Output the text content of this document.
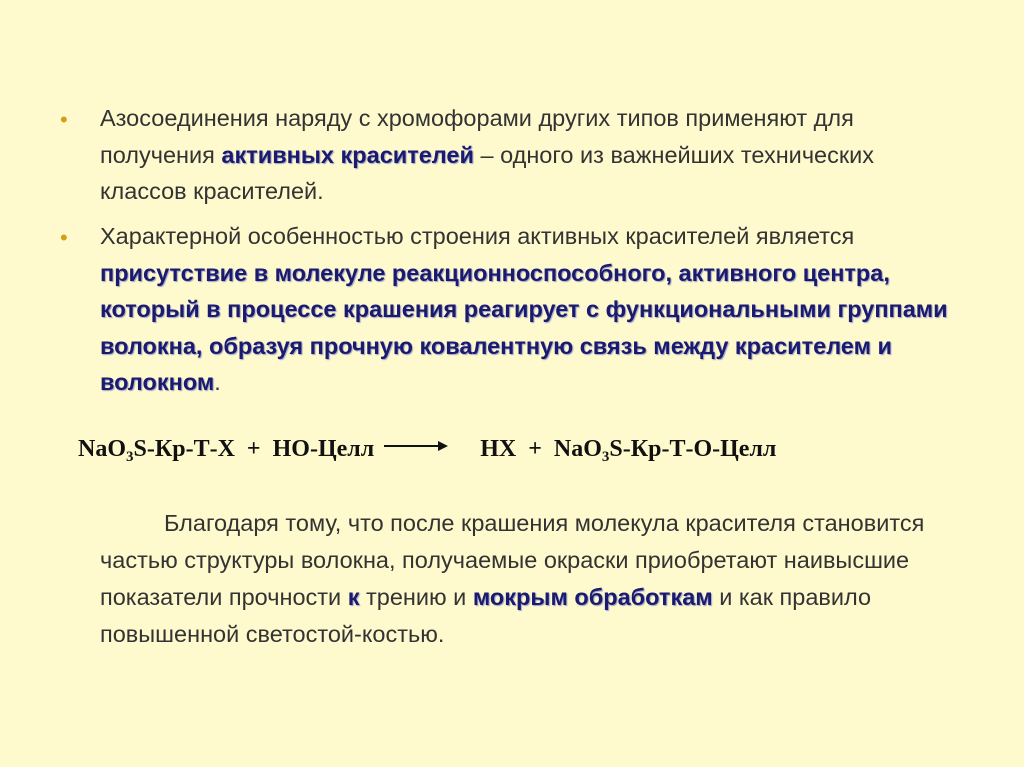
• Азосоединения наряду с хромофорами других типов применяют для получения активных красителей – одного из важнейших технических классов красителей.
• Характерной особенностью строения активных красителей является присутствие в молекуле реакционноспособного, активного центра, который в процессе крашения реагирует с функциональными группами волокна, образуя прочную ковалентную связь между красителем и волокном.
NaO$_3$S-Кр-Т-Х + НО-Целл	НХ + NaO$_3$S-Кр-Т-О-Целл
Благодаря тому, что после крашения молекула красителя становится частью структуры волокна, получаемые окраски приобретают наивысшие показатели прочности к трению и мокрым обработкам и как правило повышенной светостой-костью.
